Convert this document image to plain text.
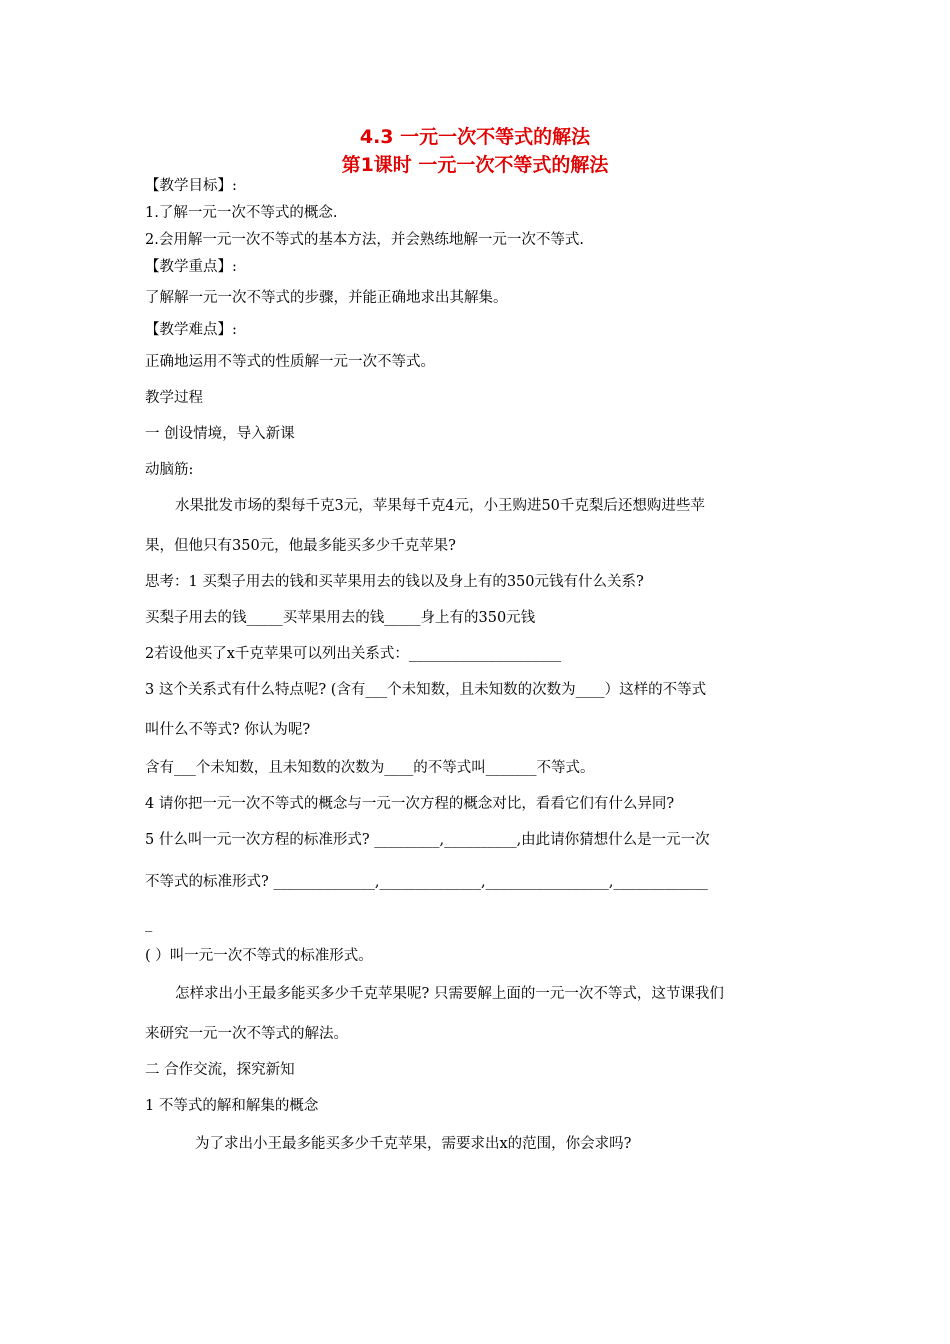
4.3 一元一次不等式的解法
第1课时 一元一次不等式的解法
【教学目标】:
1.了解一元一次不等式的概念.
2.会用解一元一次不等式的基本方法，并会熟练地解一元一次不等式.
【教学重点】:
了解解一元一次不等式的步骤，并能正确地求出其解集。
【教学难点】:
正确地运用不等式的性质解一元一次不等式。
教学过程
一 创设情境，导入新课
动脑筋:
水果批发市场的梨每千克3元，苹果每千克4元，小王购进50千克梨后还想购进些苹
果，但他只有350元，他最多能买多少千克苹果?
思考：1 买梨子用去的钱和买苹果用去的钱以及身上有的350元钱有什么关系?
买梨子用去的钱_____买苹果用去的钱_____身上有的350元钱
2若设他买了x千克苹果可以列出关系式：_____________________
3 这个关系式有什么特点呢? (含有___个未知数，且未知数的次数为____）这样的不等式
叫什么不等式? 你认为呢?
含有___个未知数，且未知数的次数为____的不等式叫_______不等式。
4 请你把一元一次不等式的概念与一元一次方程的概念对比，看看它们有什么异同?
5 什么叫一元一次方程的标准形式? _________,__________,由此请你猜想什么是一元一次
不等式的标准形式? ______________,______________,_________________,_____________
_
( ）叫一元一次不等式的标准形式。
怎样求出小王最多能买多少千克苹果呢? 只需要解上面的一元一次不等式，这节课我们
来研究一元一次不等式的解法。
二 合作交流，探究新知
1 不等式的解和解集的概念
为了求出小王最多能买多少千克苹果，需要求出x的范围，你会求吗?
